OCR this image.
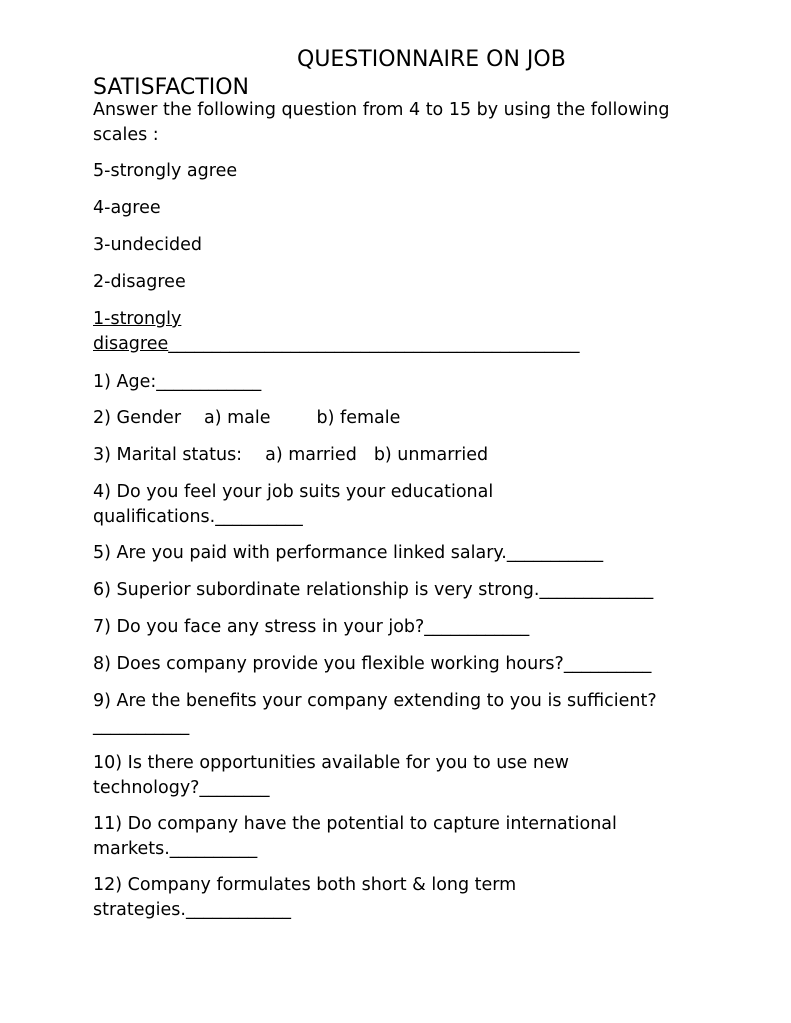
QUESTIONNAIRE ON JOB
SATISFACTION
Answer the following question from 4 to 15 by using the following
scales :
5-strongly agree
4-agree
3-undecided
2-disagree
1-strongly
disagree_______________________________________________
1) Age:____________
2) Gender a) male	b) female
3) Marital status: a) married b) unmarried
4) Do you feel your job suits your educational
qualifications.__________
5) Are you paid with performance linked salary.___________
6) Superior subordinate relationship is very strong._____________
7) Do you face any stress in your job?____________
8) Does company provide you flexible working hours?__________
9) Are the benefits your company extending to you is sufficient?
___________
10) Is there opportunities available for you to use new
technology?________
11) Do company have the potential to capture international
markets.__________
12) Company formulates both short & long term
strategies.____________
